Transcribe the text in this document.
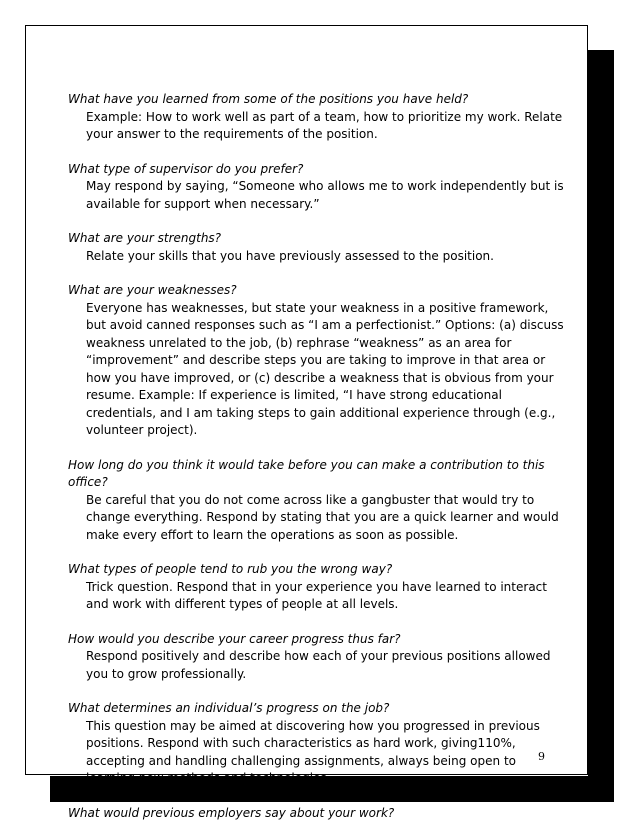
What have you learned from some of the positions you have held?

Example: How to work well as part of a team, how to prioritize my work. Relate your answer to the requirements of the position.

What type of supervisor do you prefer?

May respond by saying, “Someone who allows me to work independently but is available for support when necessary.”

What are your strengths?

Relate your skills that you have previously assessed to the position.

What are your weaknesses?

Everyone has weaknesses, but state your weakness in a positive framework, but avoid canned responses such as “I am a perfectionist.” Options: (a) discuss weakness unrelated to the job, (b) rephrase “weakness” as an area for “improvement” and describe steps you are taking to improve in that area or how you have improved, or (c) describe a weakness that is obvious from your resume. Example: If experience is limited, “I have strong educational credentials, and I am taking steps to gain additional experience through (e.g., volunteer project).

How long do you think it would take before you can make a contribution to this office?

Be careful that you do not come across like a gangbuster that would try to change everything. Respond by stating that you are a quick learner and would make every effort to learn the operations as soon as possible.

What types of people tend to rub you the wrong way?

Trick question. Respond that in your experience you have learned to interact and work with different types of people at all levels.

How would you describe your career progress thus far?

Respond positively and describe how each of your previous positions allowed you to grow professionally.

What determines an individual’s progress on the job?

This question may be aimed at discovering how you progressed in previous positions. Respond with such characteristics as hard work, giving110%, accepting and handling challenging assignments, always being open to learning new methods and technologies.

What would previous employers say about your work?

9
